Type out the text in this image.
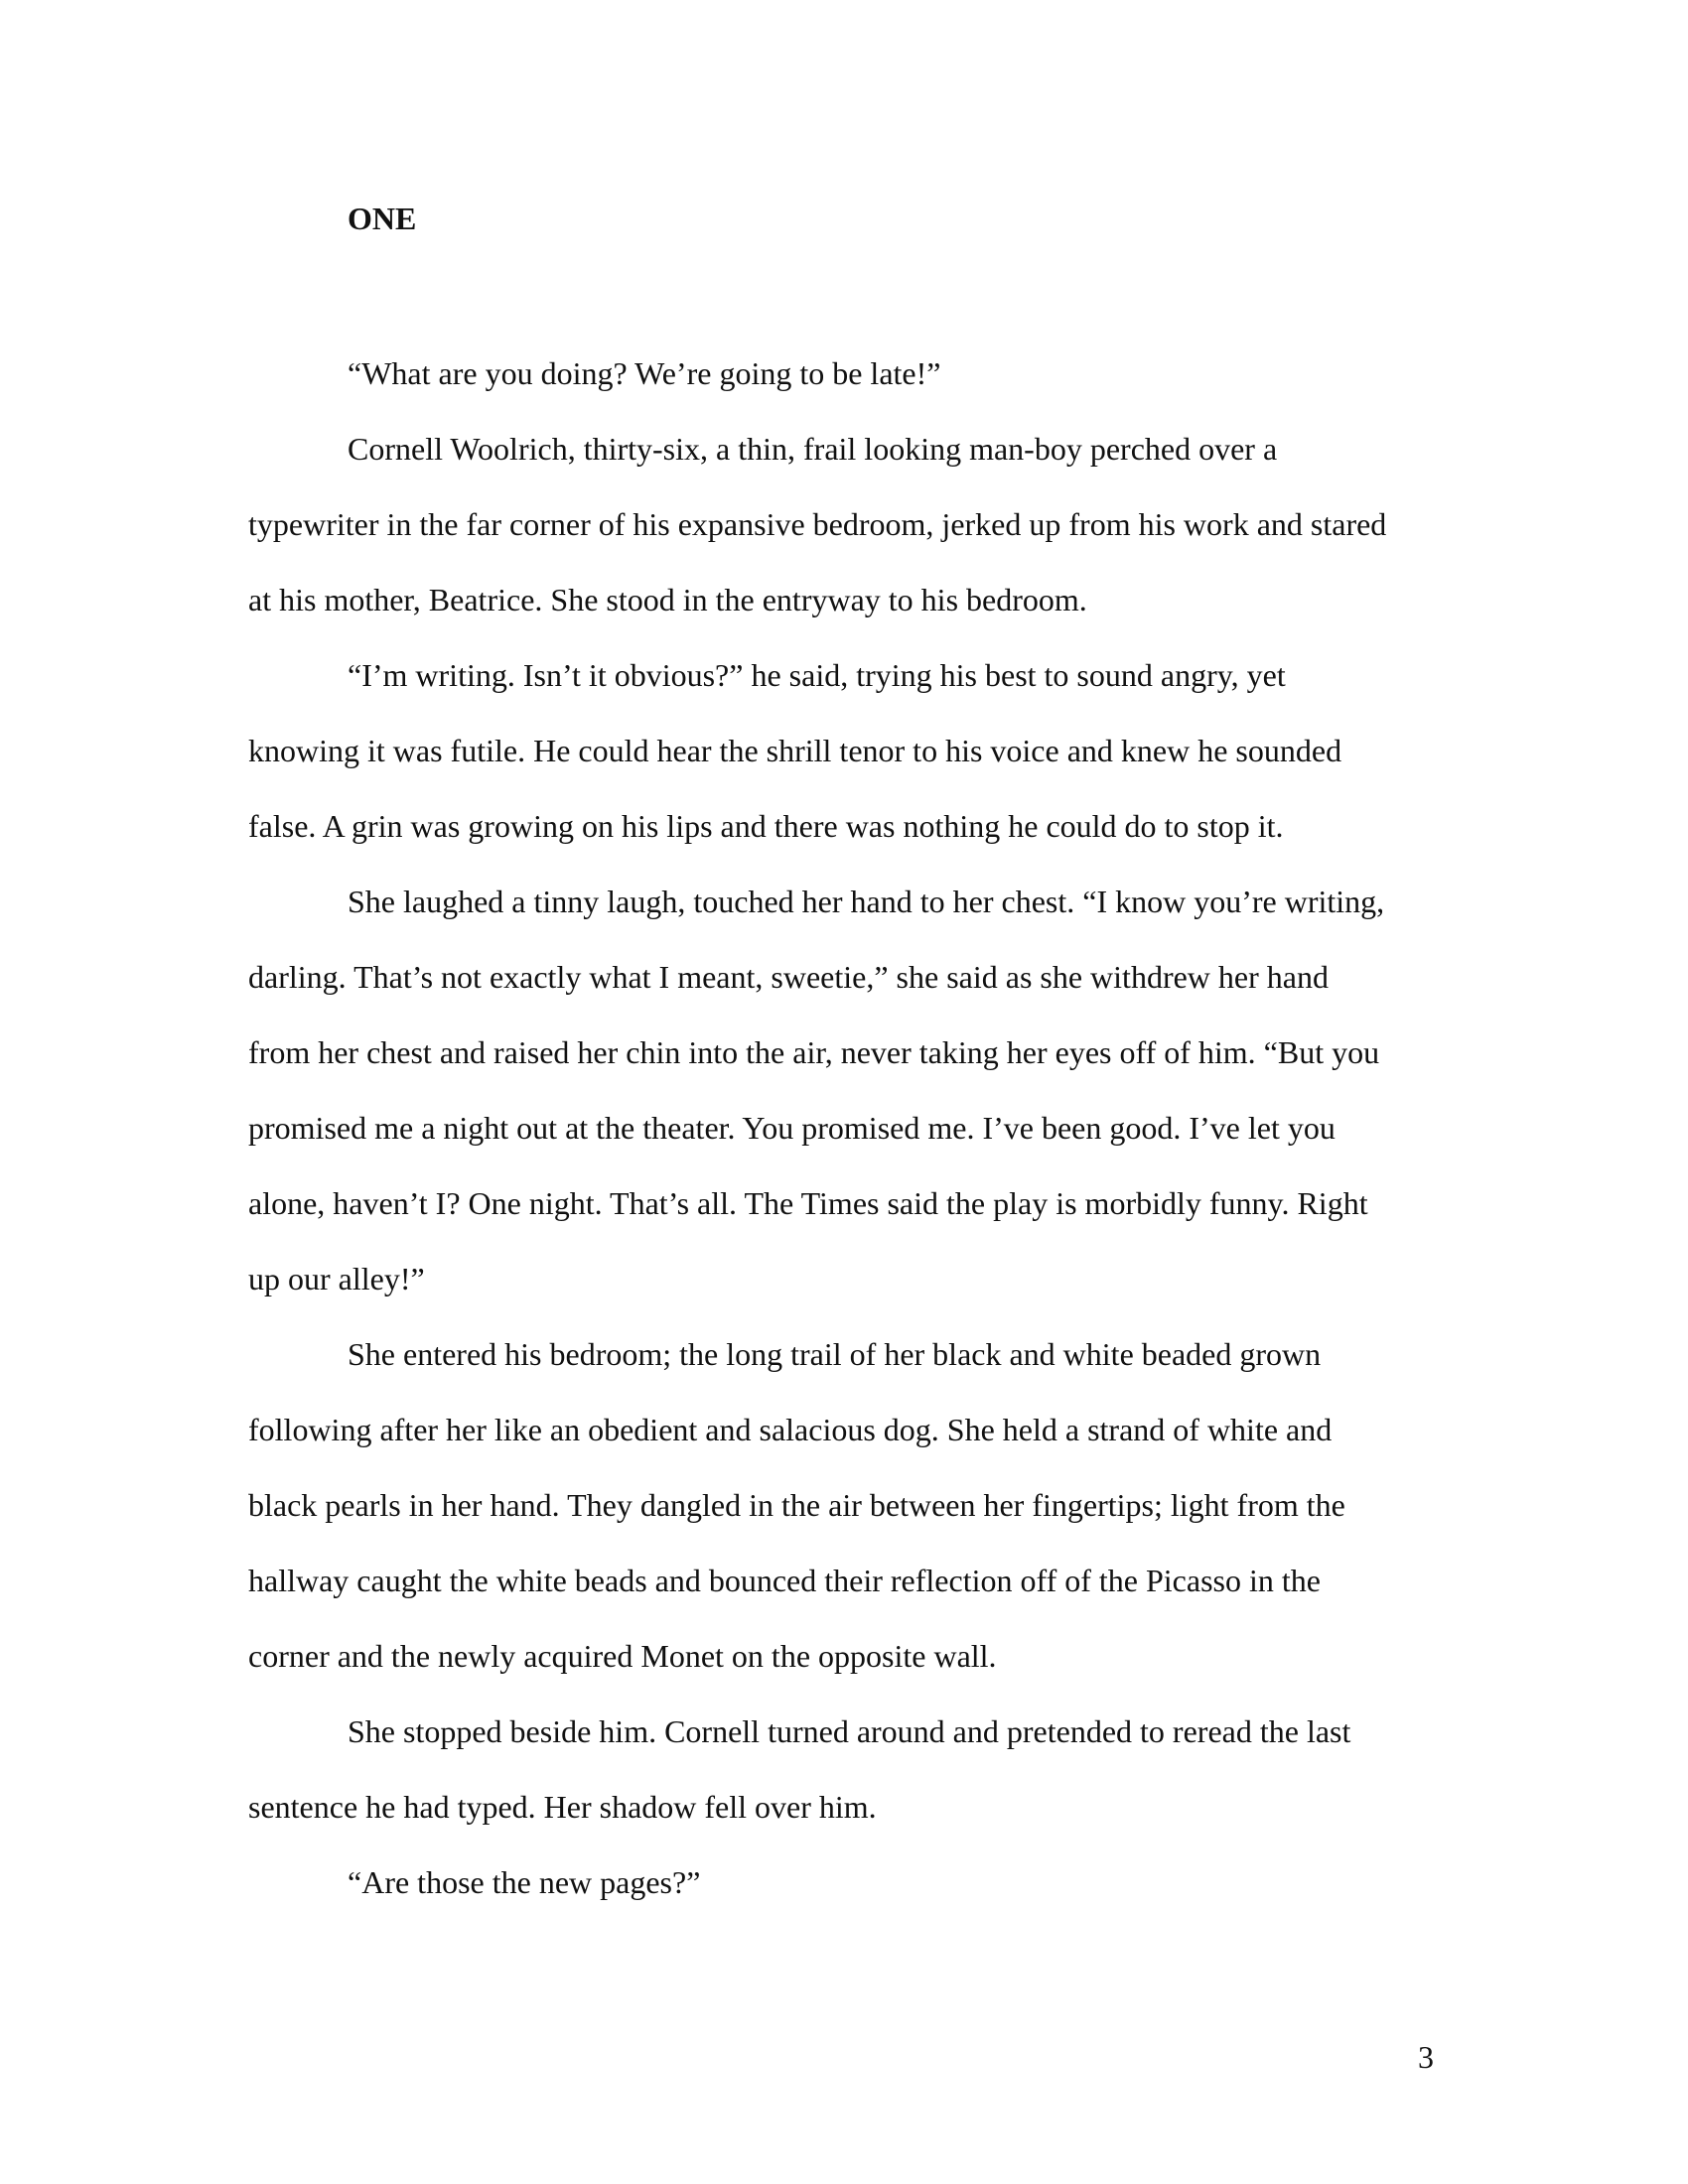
ONE

“What are you doing? We’re going to be late!”

Cornell Woolrich, thirty-six, a thin, frail looking man-boy perched over a

typewriter in the far corner of his expansive bedroom, jerked up from his work and stared

at his mother, Beatrice. She stood in the entryway to his bedroom.

“I’m writing. Isn’t it obvious?” he said, trying his best to sound angry, yet

knowing it was futile. He could hear the shrill tenor to his voice and knew he sounded

false. A grin was growing on his lips and there was nothing he could do to stop it.

She laughed a tinny laugh, touched her hand to her chest. “I know you’re writing,

darling. That’s not exactly what I meant, sweetie,” she said as she withdrew her hand

from her chest and raised her chin into the air, never taking her eyes off of him. “But you

promised me a night out at the theater. You promised me. I’ve been good. I’ve let you

alone, haven’t I? One night. That’s all. The Times said the play is morbidly funny. Right

up our alley!”

She entered his bedroom; the long trail of her black and white beaded grown

following after her like an obedient and salacious dog. She held a strand of white and

black pearls in her hand. They dangled in the air between her fingertips; light from the

hallway caught the white beads and bounced their reflection off of the Picasso in the

corner and the newly acquired Monet on the opposite wall.

She stopped beside him. Cornell turned around and pretended to reread the last

sentence he had typed. Her shadow fell over him.

“Are those the new pages?”

3
